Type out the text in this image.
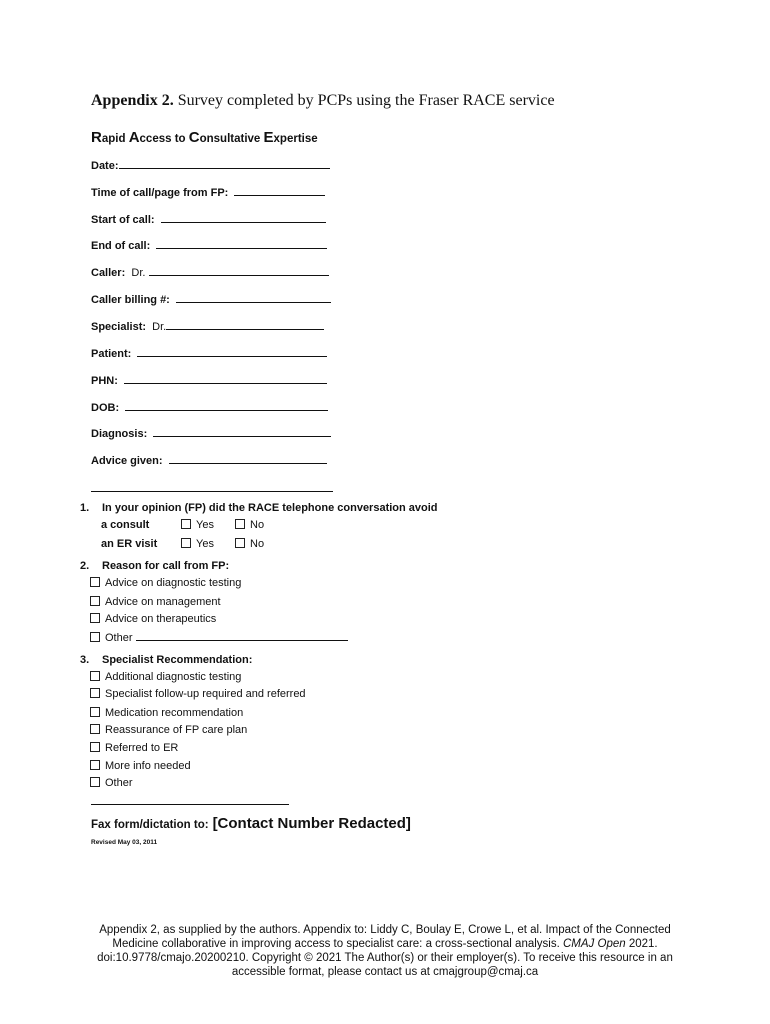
Appendix 2. Survey completed by PCPs using the Fraser RACE service
Rapid Access to Consultative Expertise
Date:
Time of call/page from FP:
Start of call:
End of call:
Caller: Dr.
Caller billing #:
Specialist: Dr.
Patient:
PHN:
DOB:
Diagnosis:
Advice given:
1. In your opinion (FP) did the RACE telephone conversation avoid
a consult	Yes	No
an ER visit	Yes	No
2. Reason for call from FP:
Advice on diagnostic testing
Advice on management
Advice on therapeutics
Other
3. Specialist Recommendation:
Additional diagnostic testing
Specialist follow-up required and referred
Medication recommendation
Reassurance of FP care plan
Referred to ER
More info needed
Other
Fax form/dictation to: [Contact Number Redacted]
Revised May 03, 2011
Appendix 2, as supplied by the authors. Appendix to: Liddy C, Boulay E, Crowe L, et al. Impact of the Connected
Medicine collaborative in improving access to specialist care: a cross-sectional analysis. CMAJ Open 2021.
doi:10.9778/cmajo.20200210. Copyright © 2021 The Author(s) or their employer(s). To receive this resource in an
accessible format, please contact us at cmajgroup@cmaj.ca
